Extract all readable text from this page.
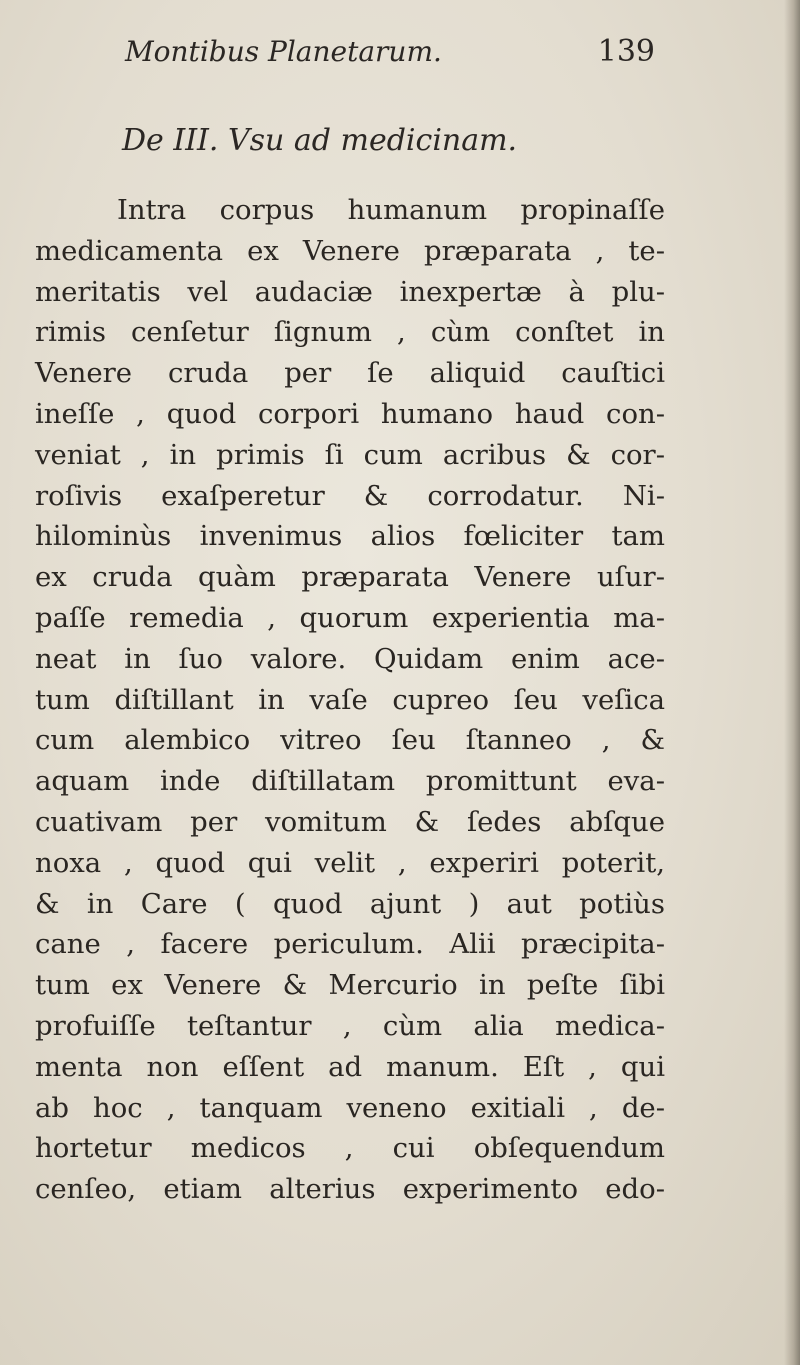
Montibus Planetarum.	139
De III. Vsu ad medicinam.
Intra corpus humanum propinaſſe
medicamenta ex Venere præparata , te-
meritatis vel audaciæ inexpertæ à plu-
rimis cenſetur ſignum , cùm conſtet in
Venere cruda per ſe aliquid cauſtici
ineſſe , quod corpori humano haud con-
veniat , in primis ſi cum acribus & cor-
roſivis exaſperetur & corrodatur. Ni-
hilominùs invenimus alios fœliciter tam
ex cruda quàm præparata Venere uſur-
paſſe remedia , quorum experientia ma-
neat in ſuo valore. Quidam enim ace-
tum diſtillant in vaſe cupreo ſeu veſica
cum alembico vitreo ſeu ſtanneo , &
aquam inde diſtillatam promittunt eva-
cuativam per vomitum & ſedes abſque
noxa , quod qui velit , experiri poterit,
& in Care ( quod ajunt ) aut potiùs
cane , facere periculum. Alii præcipita-
tum ex Venere & Mercurio in peſte ſibi
profuiſſe teſtantur , cùm alia medica-
menta non eſſent ad manum. Eſt , qui
ab hoc , tanquam veneno exitiali , de-
hortetur medicos , cui obſequendum
cenſeo, etiam alterius experimento edo-
